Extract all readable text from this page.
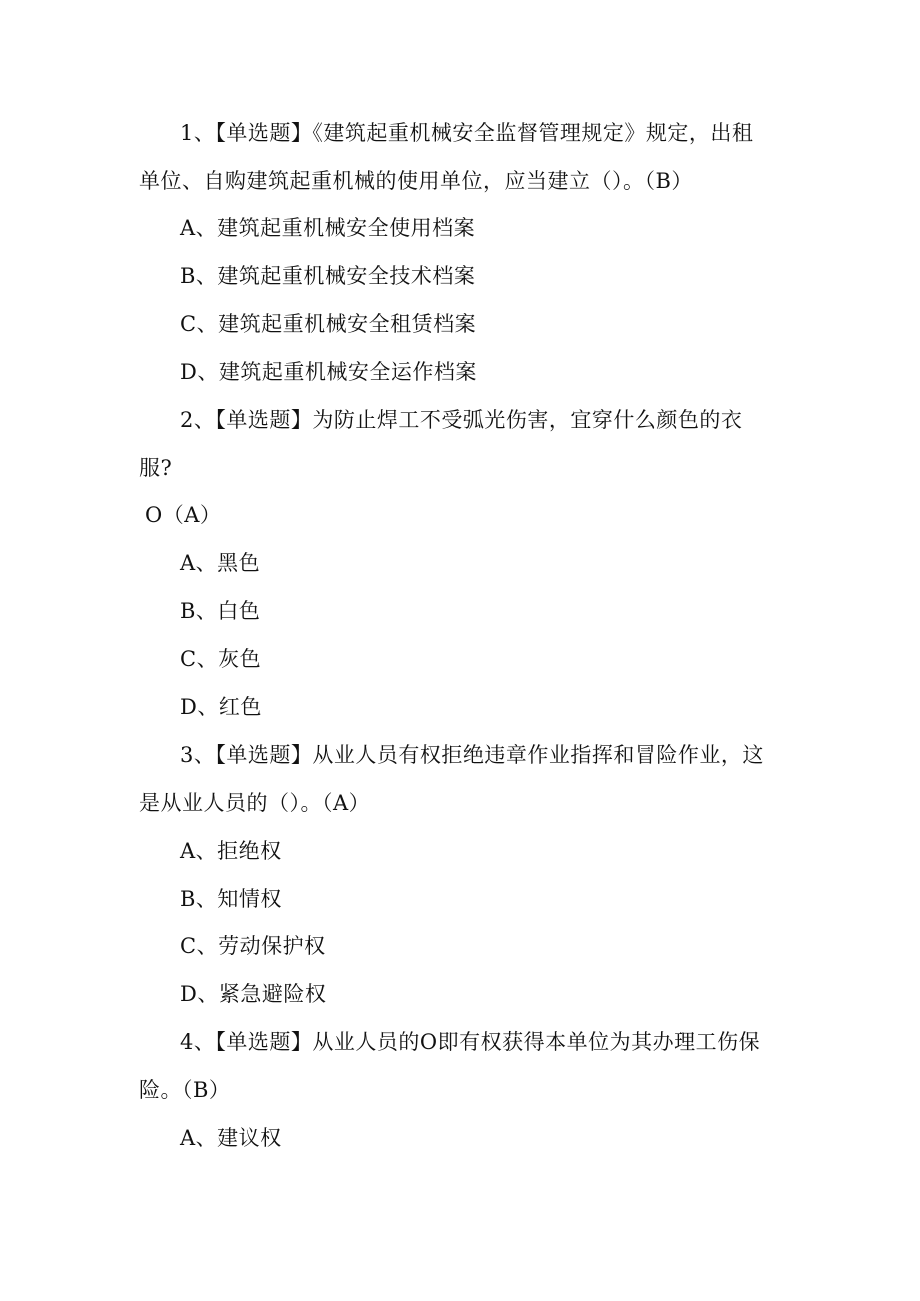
1、【单选题】《建筑起重机械安全监督管理规定》规定，出租
单位、自购建筑起重机械的使用单位，应当建立（）。（B）
A、建筑起重机械安全使用档案
B、建筑起重机械安全技术档案
C、建筑起重机械安全租赁档案
D、建筑起重机械安全运作档案
2、【单选题】为防止焊工不受弧光伤害，宜穿什么颜色的衣
服?
O（A）
A、黑色
B、白色
C、灰色
D、红色
3、【单选题】从业人员有权拒绝违章作业指挥和冒险作业，这
是从业人员的（）。（A）
A、拒绝权
B、知情权
C、劳动保护权
D、紧急避险权
4、【单选题】从业人员的O即有权获得本单位为其办理工伤保
险。（B）
A、建议权
